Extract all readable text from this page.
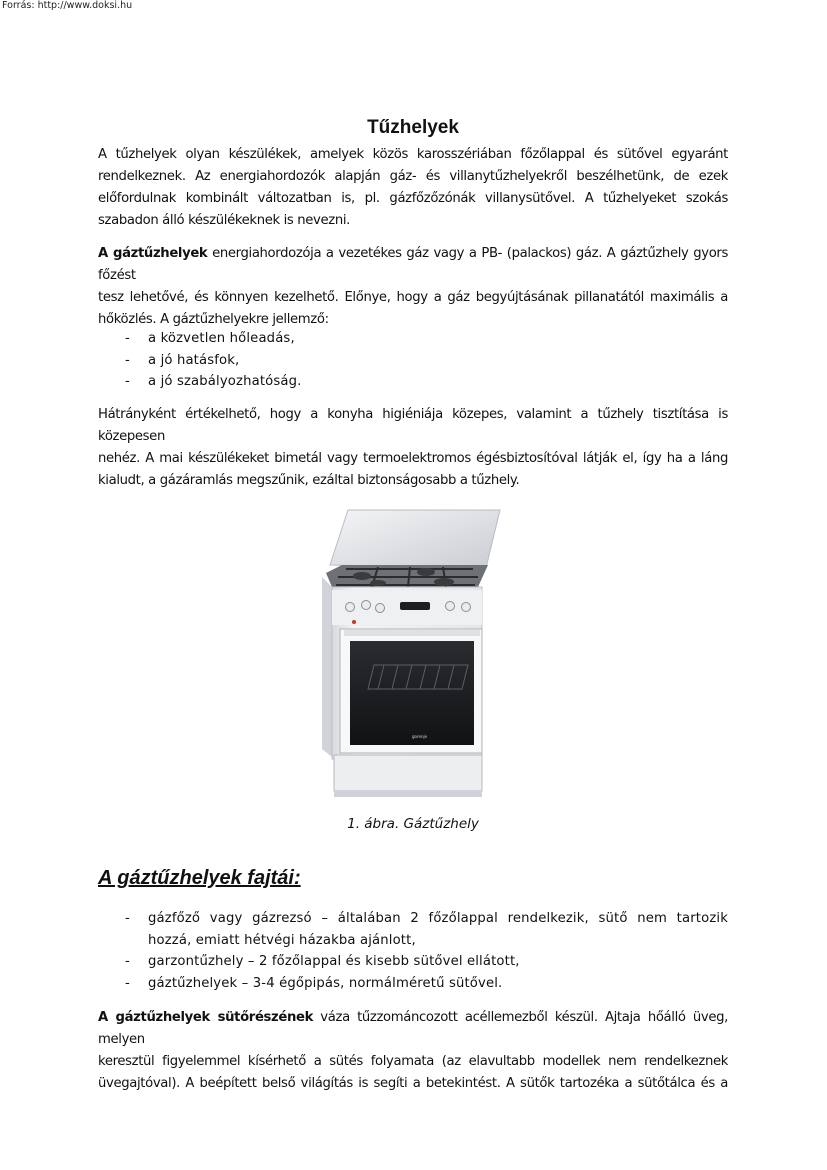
Forrás: http://www.doksi.hu
Tűzhelyek
A tűzhelyek olyan készülékek, amelyek közös karosszériában főzőlappal és sütővel egyaránt
rendelkeznek. Az energiahordozók alapján gáz- és villanytűzhelyekről beszélhetünk, de ezek
előfordulnak kombinált változatban is, pl. gázfőzőzónák villanysütővel. A tűzhelyeket szokás
szabadon álló készülékeknek is nevezni.
A gáztűzhelyek energiahordozója a vezetékes gáz vagy a PB- (palackos) gáz. A gáztűzhely gyors főzést
tesz lehetővé, és könnyen kezelhető. Előnye, hogy a gáz begyújtásának pillanatától maximális a
hőközlés. A gáztűzhelyekre jellemző:
- a közvetlen hőleadás,
- a jó hatásfok,
- a jó szabályozhatóság.
Hátrányként értékelhető, hogy a konyha higiéniája közepes, valamint a tűzhely tisztítása is közepesen
nehéz. A mai készülékeket bimetál vagy termoelektromos égésbiztosítóval látják el, így ha a láng
kialudt, a gázáramlás megszűnik, ezáltal biztonságosabb a tűzhely.
1. ábra. Gáztűzhely
A gáztűzhelyek fajtái:
- gázfőző vagy gázrezsó – általában 2 főzőlappal rendelkezik, sütő nem tartozik
hozzá, emiatt hétvégi házakba ajánlott,
- garzontűzhely – 2 főzőlappal és kisebb sütővel ellátott,
- gáztűzhelyek – 3-4 égőpipás, normálméretű sütővel.
A gáztűzhelyek sütőrészének váza tűzzománcozott acéllemezből készül. Ajtaja hőálló üveg, melyen
keresztül figyelemmel kísérhető a sütés folyamata (az elavultabb modellek nem rendelkeznek
üvegajtóval). A beépített belső világítás is segíti a betekintést. A sütők tartozéka a sütőtálca és a
gorenje
